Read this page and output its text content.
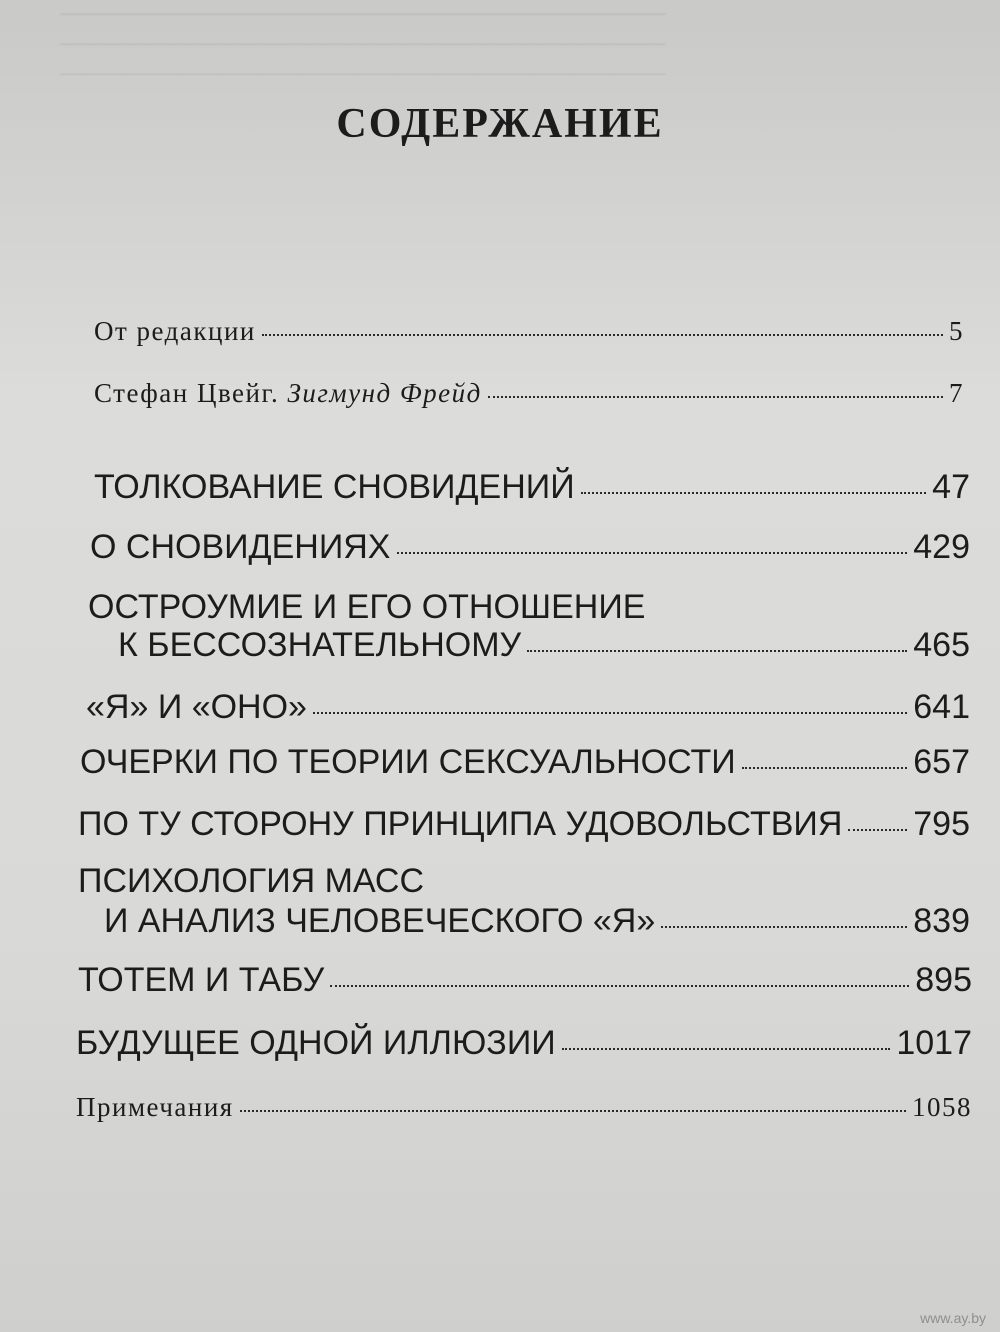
─────────────────────────────────────────────
─────────────────────────────────────────────
─────────────────────────────────────────────
СОДЕРЖАНИЕ
От редакции	5
Стефан Цвейг. Зигмунд Фрейд	7
ТОЛКОВАНИЕ СНОВИДЕНИЙ	47
О СНОВИДЕНИЯХ	429
ОСТРОУМИЕ И ЕГО ОТНОШЕНИЕ
К БЕССОЗНАТЕЛЬНОМУ	465
«Я» И «ОНО»	641
ОЧЕРКИ ПО ТЕОРИИ СЕКСУАЛЬНОСТИ	657
ПО ТУ СТОРОНУ ПРИНЦИПА УДОВОЛЬСТВИЯ 795
ПСИХОЛОГИЯ МАСС
И АНАЛИЗ ЧЕЛОВЕЧЕСКОГО «Я»	839
ТОТЕМ И ТАБУ	895
БУДУЩЕЕ ОДНОЙ ИЛЛЮЗИИ	1017
Примечания	1058
www.ay.by
